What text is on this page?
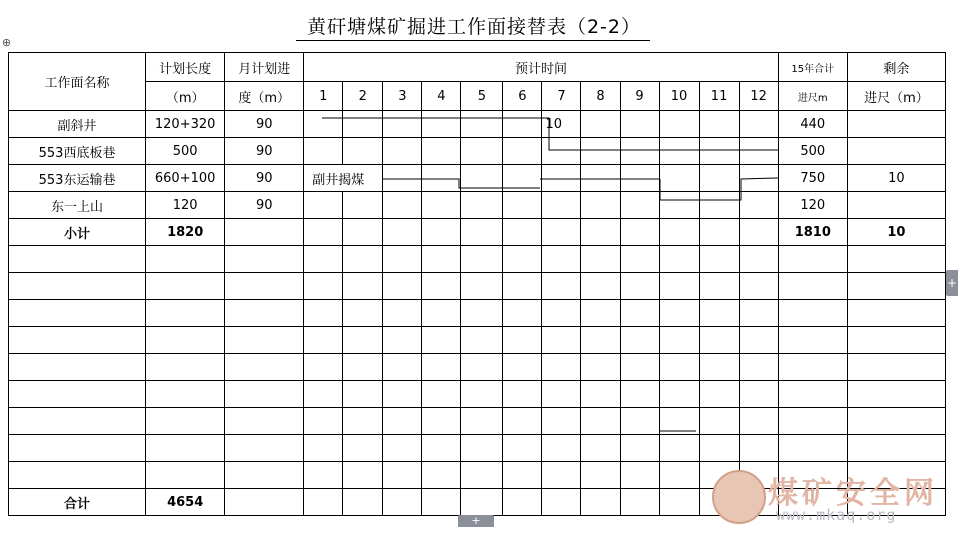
⊕
黄矸塘煤矿掘进工作面接替表（2-2）
工作面名称	计划长度	月计划进	预计时间												15年合计	剩余
	（m）	度（m）	1	2	3	4	5	6	7	8	9	10	11	12	进尺m	进尺（m）
副斜井	120+320	90							10						440	
553西底板巷	500	90													500	
553东运输巷	660+100	90	副井揭煤												750	10
东一上山	120	90													120	
小计	1820														1810	10

合计	4654															
+
+
煤矿安全网
www.mkaq.org
